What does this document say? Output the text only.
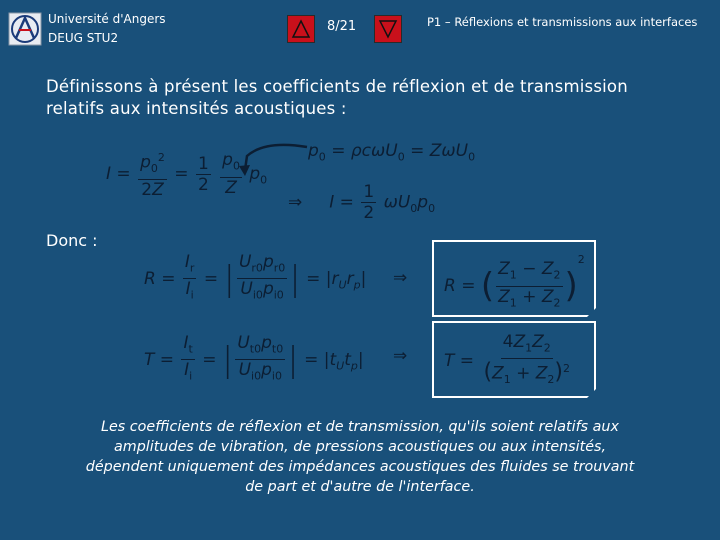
Université d'Angers
DEUG STU2
8/21	P1 – Réflexions et transmissions aux interfaces
Définissons à présent les coefficients de réflexion et de transmission relatifs aux intensités acoustiques :
$I = \frac{p_0^2}{2Z} = \frac{1}{2}$
$\frac{p_0}{Z} p_0$
$p_0 = \rho c\omega U_0 = Z\omega U_0$
⇒     $I = \frac{1}{2} \omega U_0p_0$
Donc :
$R = \frac{I_r}{I_i}$ = | $\frac{U_{r0}p_{r0}}{U_{i0}p_{i0}}$ | = $|r_Ur_p|$ ⇒ R = ( $\frac{Z_1 - Z_2}{Z_1 + Z_2} )^2$
$T = \frac{I_t}{I_i}$ = | $\frac{U_{t0}p_{t0}}{U_{i0}p_{i0}}$ | = $|t_Ut_p|$ ⇒ $T = \frac{4Z_1Z_2}{(Z_1 + Z_2)^2}$
Les coefficients de réflexion et de transmission, qu'ils soient relatifs aux amplitudes de vibration, de pressions acoustiques ou aux intensités, dépendent uniquement des impédances acoustiques des fluides se trouvant de part et d'autre de l'interface.
